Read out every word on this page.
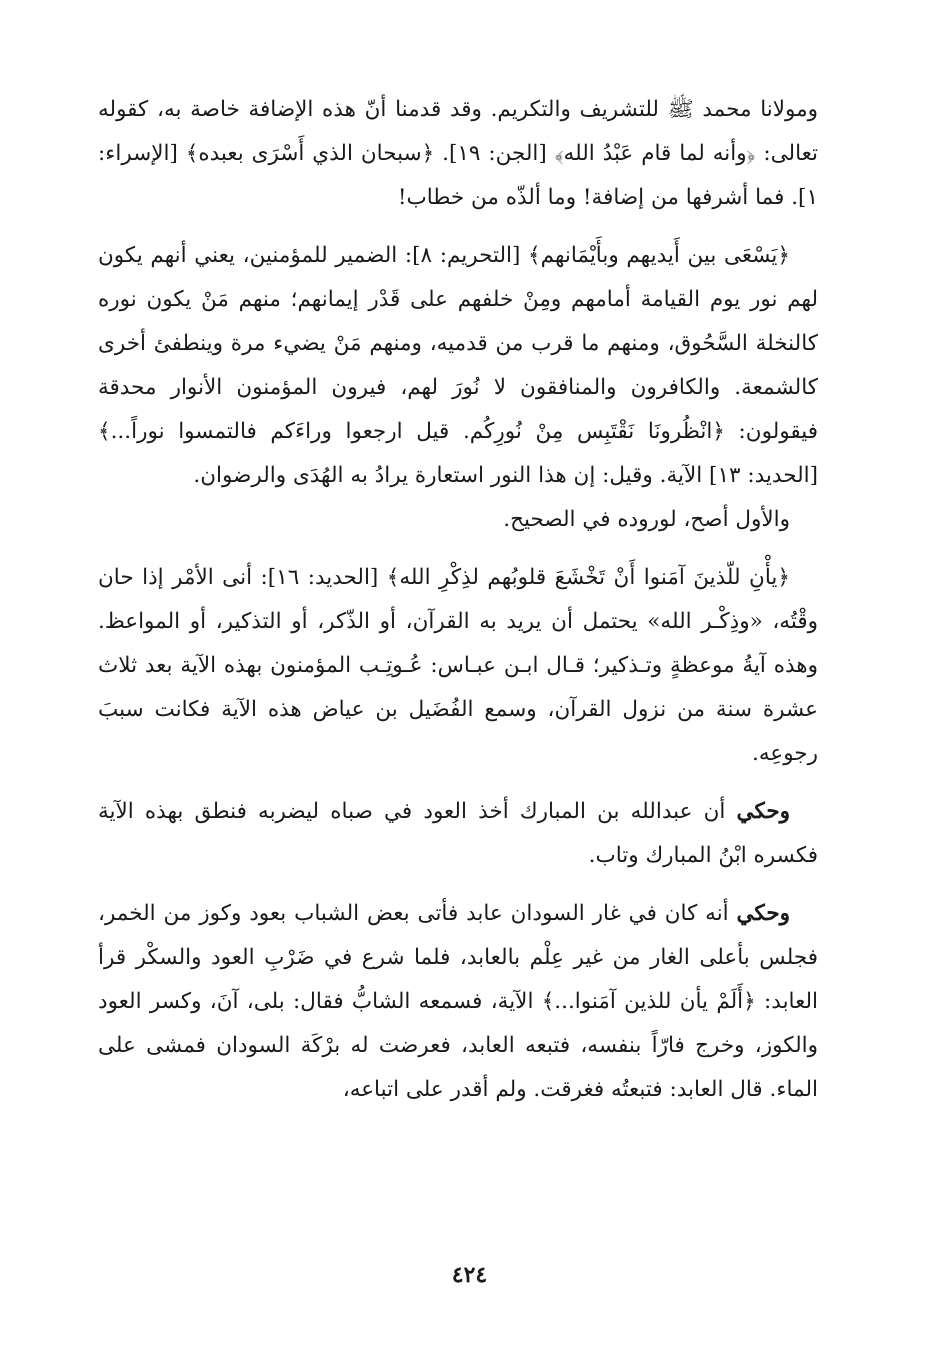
ومولانا محمد ﷺ للتشريف والتكريم. وقد قدمنا أنّ هذه الإضافة خاصة به، كقوله تعالى: ﴿وأنه لما قام عَبْدُ الله﴾ [الجن: ١٩]. ﴿سبحان الذي أَسْرَى بعبده﴾ [الإسراء: ١]. فما أشرفها من إضافة! وما ألذّه من خطاب!

﴿يَسْعَى بين أَيديهم وبأَيْمَانهم﴾ [التحريم: ٨]: الضمير للمؤمنين، يعني أنهم يكون لهم نور يوم القيامة أمامهم ومِنْ خلفهم على قَدْر إيمانهم؛ منهم مَنْ يكون نوره كالنخلة السَّحُوق، ومنهم ما قرب من قدميه، ومنهم مَنْ يضيء مرة وينطفئ أخرى كالشمعة. والكافرون والمنافقون لا نُورَ لهم، فيرون المؤمنون الأنوار محدقة فيقولون: ﴿انْظُرونَا نَقْتَبِس مِنْ نُورِكُم. قيل ارجعوا وراءَكم فالتمسوا نوراً...﴾ [الحديد: ١٣] الآية. وقيل: إن هذا النور استعارة يرادُ به الهُدَى والرضوان.

والأول أصح، لوروده في الصحيح.

﴿يأْنِ للّذينَ آمَنوا أَنْ تَخْشَعَ قلوبُهم لذِكْرِ الله﴾ [الحديد: ١٦]: أنى الأمْر إذا حان وقْتُه، «وذِكْـر الله» يحتمل أن يريد به القرآن، أو الذّكر، أو التذكير، أو المواعظ. وهذه آيةُ موعظةٍ وتـذكير؛ قـال ابـن عبـاس: عُـوتِـب المؤمنون بهذه الآية بعد ثلاث عشرة سنة من نزول القرآن، وسمع الفُضَيل بن عياض هذه الآية فكانت سببَ رجوعِه.

وحكي أن عبدالله بن المبارك أخذ العود في صباه ليضربه فنطق بهذه الآية فكسره ابْنُ المبارك وتاب.

وحكي أنه كان في غار السودان عابد فأتى بعض الشباب بعود وكوز من الخمر، فجلس بأعلى الغار من غير عِلْم بالعابد، فلما شرع في ضَرْبِ العود والسكْر قرأ العابد: ﴿أَلَمْ يأن للذين آمَنوا...﴾ الآية، فسمعه الشابُّ فقال: بلى، آنَ، وكسر العود والكوز، وخرج فارّاً بنفسه، فتبعه العابد، فعرضت له برْكَة السودان فمشى على الماء. قال العابد: فتبعتُه فغرقت. ولم أقدر على اتباعه،

٤٢٤
